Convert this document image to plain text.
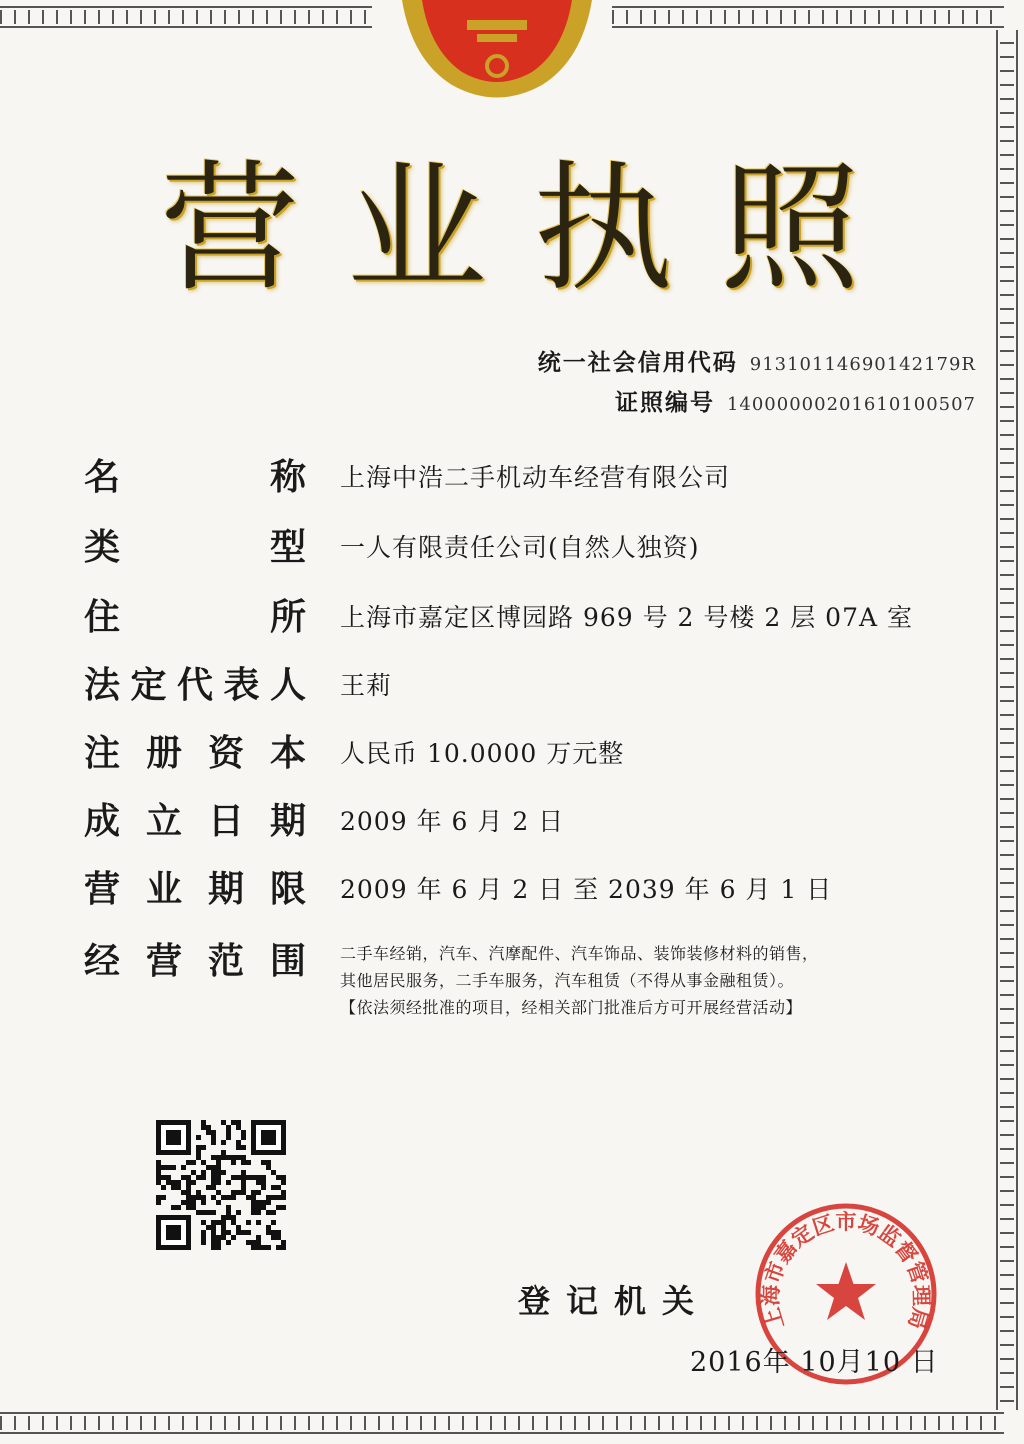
营 业 执 照
统一社会信用代码 91310114690142179R
证照编号 14000000201610100507
名	称 上海中浩二手机动车经营有限公司
类	型 一人有限责任公司(自然人独资)
住	所 上海市嘉定区博园路 969 号 2 号楼 2 层 07A 室
法 定 代 表 人 王莉
注 册 资 本 人民币 10.0000 万元整
成 立 日 期 2009 年 6 月 2 日
营 业 期 限 2009 年 6 月 2 日 至 2039 年 6 月 1 日
经 营 范 围 二手车经销，汽车、汽摩配件、汽车饰品、装饰装修材料的销售，
其他居民服务，二手车服务，汽车租赁（不得从事金融租赁）。
【依法须经批准的项目，经相关部门批准后方可开展经营活动】
登记机关 上海市嘉定区市场监督管理局
2016年 10月10 日
